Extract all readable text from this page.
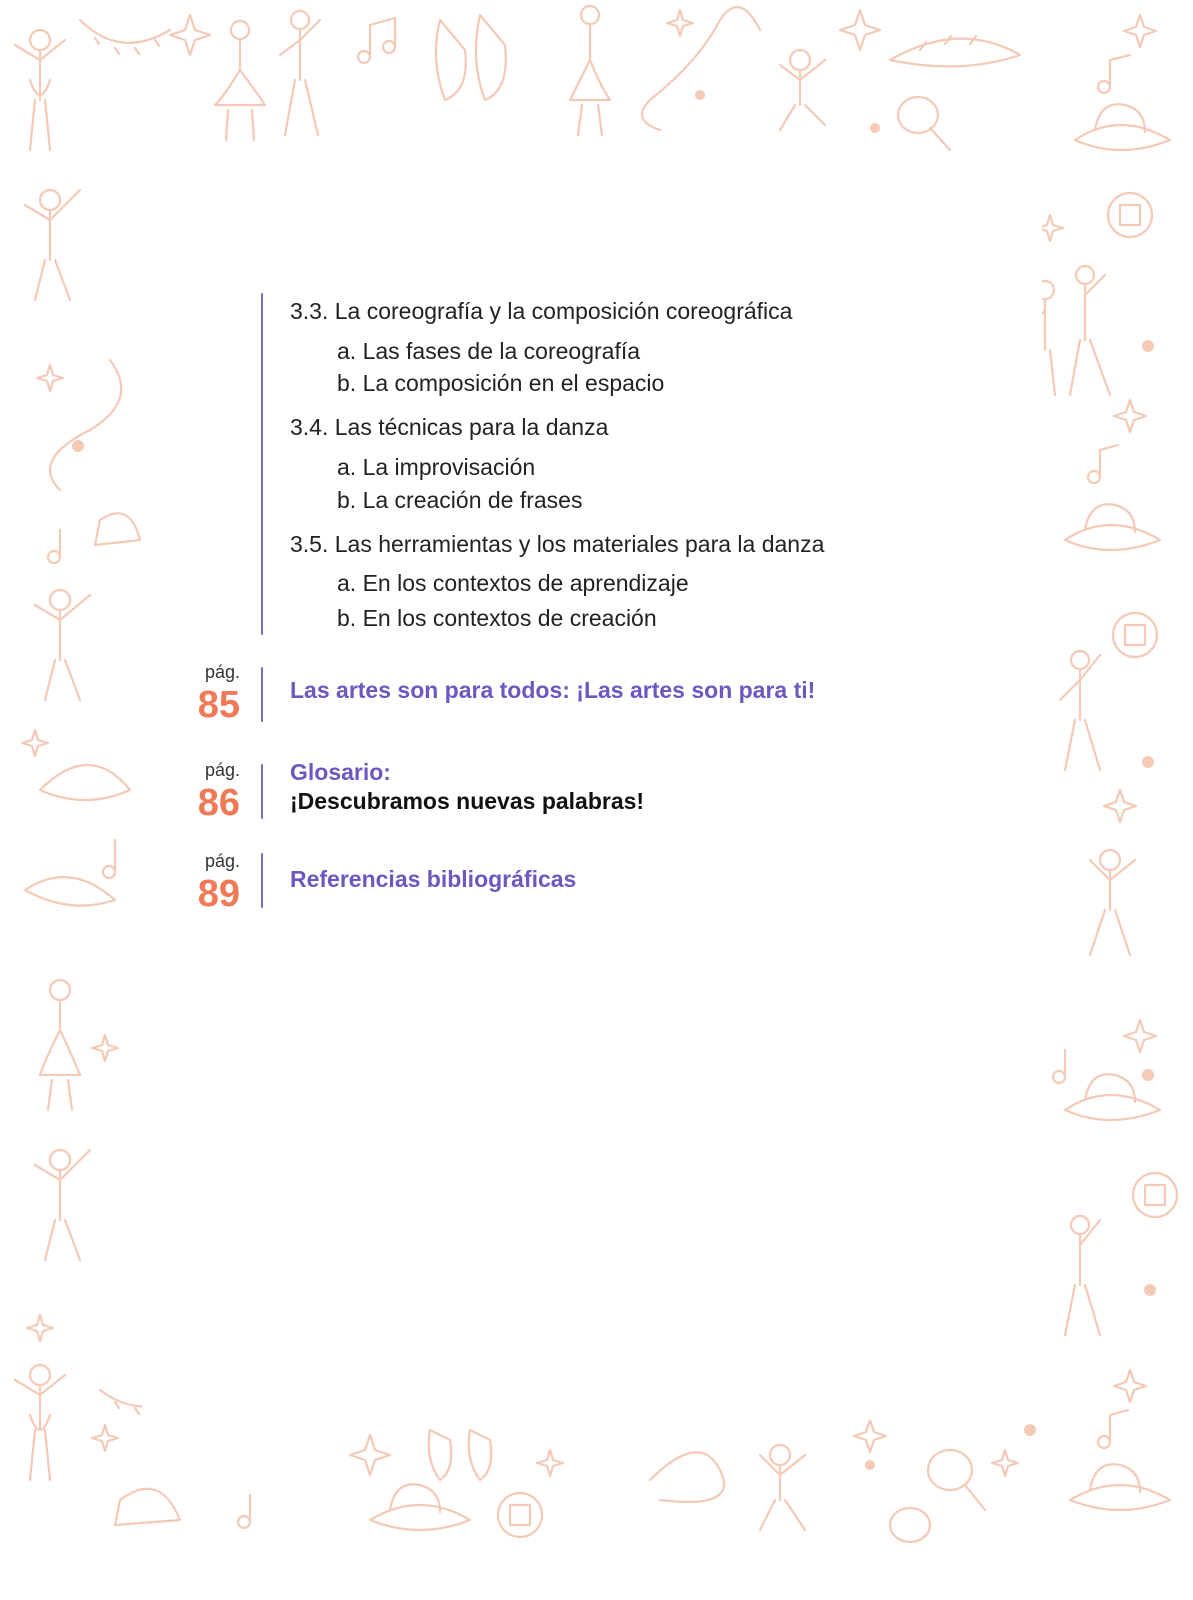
3.3. La coreografía y la composición coreográfica
a. Las fases de la coreografía
b. La composición en el espacio
3.4. Las técnicas para la danza
a. La improvisación
b. La creación de frases
3.5. Las herramientas y los materiales para la danza
a. En los contextos de aprendizaje
b. En los contextos de creación
pág.
85 Las artes son para todos: ¡Las artes son para ti!
pág.
86
Glosario:
¡Descubramos nuevas palabras!
pág.
89 Referencias bibliográficas
